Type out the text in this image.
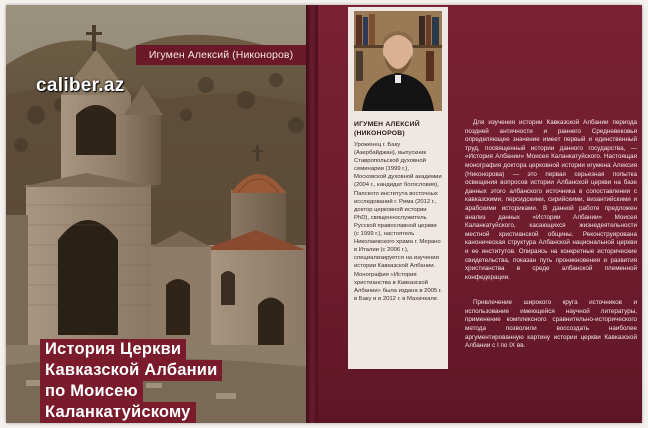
Игумен Алексий (Никоноров)
caliber.az
История Церкви
Кавказской Албании
по Моисею
Каланкатуйскому
ИГУМЕН АЛЕКСИЙ (НИКОНОРОВ)
Уроженец г. Баку (Азербайджан), выпускник Ставропольской духовной семинарии (1999 г.), Московской духовной академии (2004 г., кандидат богословия), Папского института восточных исследований г. Рима (2012 г., доктор церковной истории PhD), священнослужитель Русской православной церкви (с 1999 г.), настоятель Николаевского храма г. Мерано в Италии (с 2006 г.), специализируется на изучении истории Кавказской Албании. Монография «История христианства в Кавказской Албании» была издана в 2005 г. в Баку и в 2012 г. в Махачкале.

Для изучения истории Кавказской Албании периода поздней античности и раннего Средневековья определяющее значение имеет первый и единственный труд, посвященный истории данного государства, — «История Албании» Моисея Каланкатуйского. Настоящая монография доктора церковной истории игумена Алексия (Никонорова) — это первая серьезная попытка освещения вопросов истории Албанской церкви на базе данных этого албанского источника в сопоставлении с кавказскими, персидскими, сирийскими, византийскими и арабскими историками. В данной работе предложен анализ данных «Истории Албании» Моисея Каланкатуйского, касающихся жизнедеятельности местной христианской общины. Реконструирована каноническая структура Албанской национальной церкви и ее институтов. Опираясь на конкретные исторические свидетельства, показан путь проникновения и развития христианства в среде албанской племенной конфедерации.

Привлечение широкого круга источников и использование имеющейся научной литературы, применение комплексного сравнительно-исторического метода позволили воссоздать наиболее аргументированную картину истории церкви Кавказской Албании с I по IX вв.
